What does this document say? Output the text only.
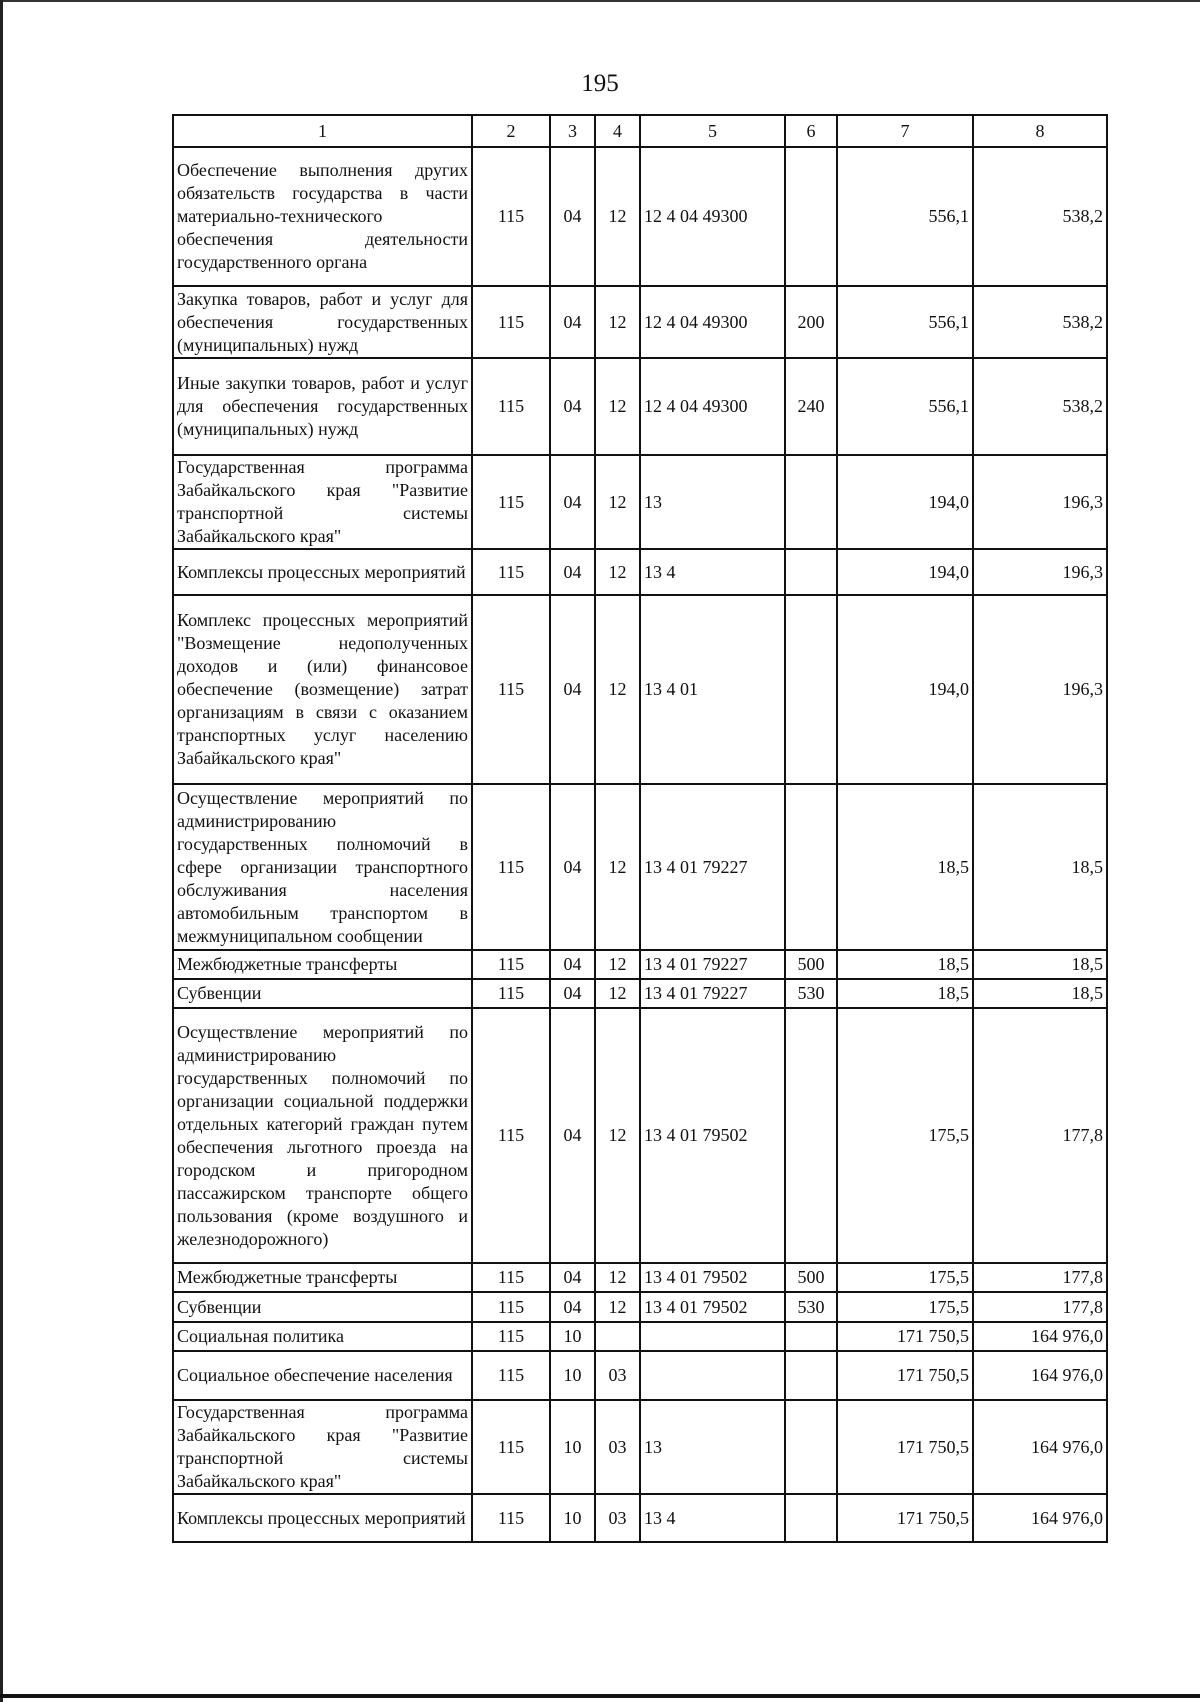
195
1	2	3	4	5	6	7	8
Обеспечение выполнения других обязательств государства в части материально-технического обеспечения деятельности государственного органа	115	04	12	12 4 04 49300		556,1	538,2
Закупка товаров, работ и услуг для обеспечения государственных (муниципальных) нужд	115	04	12	12 4 04 49300	200	556,1	538,2
Иные закупки товаров, работ и услуг для обеспечения государственных (муниципальных) нужд	115	04	12	12 4 04 49300	240	556,1	538,2
Государственная программа Забайкальского края "Развитие транспортной системы Забайкальского края"	115	04	12	13		194,0	196,3
Комплексы процессных мероприятий	115	04	12	13 4		194,0	196,3
Комплекс процессных мероприятий "Возмещение недополученных доходов и (или) финансовое обеспечение (возмещение) затрат организациям в связи с оказанием транспортных услуг населению Забайкальского края"	115	04	12	13 4 01		194,0	196,3
Осуществление мероприятий по администрированию государственных полномочий в сфере организации транспортного обслуживания населения автомобильным транспортом в межмуниципальном сообщении	115	04	12	13 4 01 79227		18,5	18,5
Межбюджетные трансферты	115	04	12	13 4 01 79227	500	18,5	18,5
Субвенции	115	04	12	13 4 01 79227	530	18,5	18,5
Осуществление мероприятий по администрированию государственных полномочий по организации социальной поддержки отдельных категорий граждан путем обеспечения льготного проезда на городском и пригородном пассажирском транспорте общего пользования (кроме воздушного и железнодорожного)	115	04	12	13 4 01 79502		175,5	177,8
Межбюджетные трансферты	115	04	12	13 4 01 79502	500	175,5	177,8
Субвенции	115	04	12	13 4 01 79502	530	175,5	177,8
Социальная политика	115	10				171 750,5	164 976,0
Социальное обеспечение населения	115	10	03			171 750,5	164 976,0
Государственная программа Забайкальского края "Развитие транспортной системы Забайкальского края"	115	10	03	13		171 750,5	164 976,0
Комплексы процессных мероприятий	115	10	03	13 4		171 750,5	164 976,0
